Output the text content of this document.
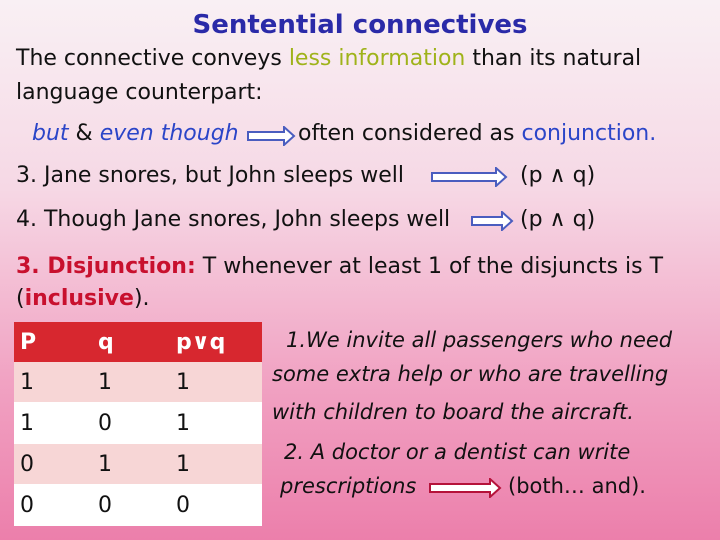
Sentential connectives
The connective conveys less information than its natural
language counterpart:
but & even though	often considered as conjunction.
3. Jane snores, but John sleeps well	(p ∧ q)
4. Though Jane snores, John sleeps well	(p ∧ q)
3. Disjunction: T whenever at least 1 of the disjuncts is T
(inclusive).
P	q	p∨q
1	1	1
1	0	1
0	1	1
0	0	0
1.We invite all passengers who need
some extra help or who are travelling
with children to board the aircraft.
2. A doctor or a dentist can write
prescriptions	(both… and).
